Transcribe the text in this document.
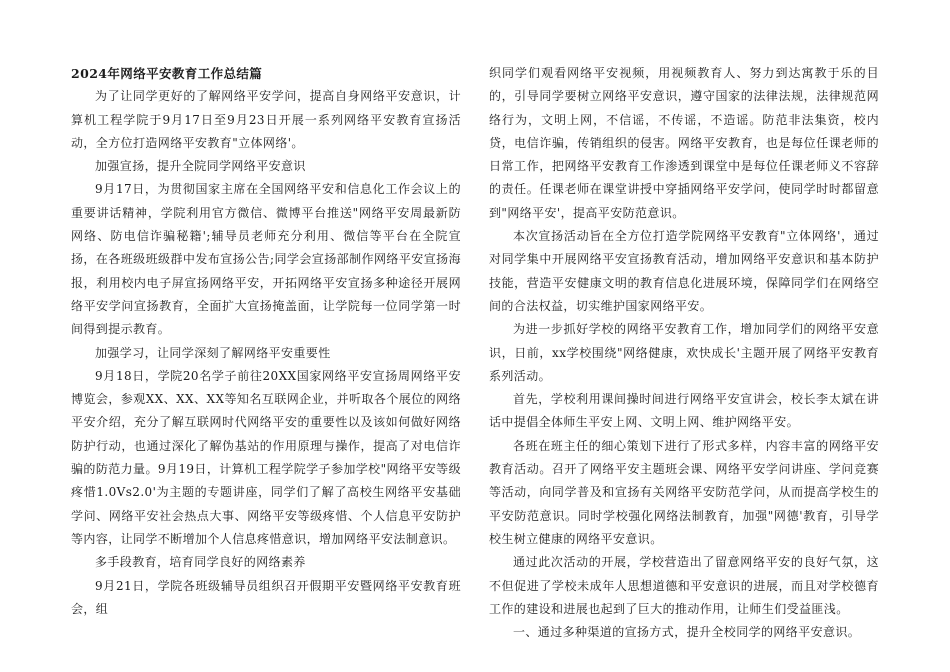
2024年网络平安教育工作总结篇

为了让同学更好的了解网络平安学问，提高自身网络平安意识，计算机工程学院于9月17日至9月23日开展一系列网络平安教育宣扬活动，全方位打造网络平安教育"立体网络'。

加强宣扬，提升全院同学网络平安意识

9月17日，为贯彻国家主席在全国网络平安和信息化工作会议上的重要讲话精神，学院利用官方微信、微博平台推送"网络平安周最新防网络、防电信诈骗秘籍';辅导员老师充分利用、微信等平台在全院宣扬，在各班级班级群中发布宣扬公告;同学会宣扬部制作网络平安宣扬海报，利用校内电子屏宣扬网络平安，开拓网络平安宣扬多种途径开展网络平安学问宣扬教育，全面扩大宣扬掩盖面，让学院每一位同学第一时间得到提示教育。

加强学习，让同学深刻了解网络平安重要性

9月18日，学院20名学子前往20XX国家网络平安宣扬周网络平安博览会，参观XX、XX、XX等知名互联网企业，并听取各个展位的网络平安介绍，充分了解互联网时代网络平安的重要性以及该如何做好网络防护行动，也通过深化了解伪基站的作用原理与操作，提高了对电信诈骗的防范力量。9月19日，计算机工程学院学子参加学校"网络平安等级疼惜1.0Vs2.0'为主题的专题讲座，同学们了解了高校生网络平安基础学问、网络平安社会热点大事、网络平安等级疼惜、个人信息平安防护等内容，让同学不断增加个人信息疼惜意识，增加网络平安法制意识。

多手段教育，培育同学良好的网络素养

9月21日，学院各班级辅导员组织召开假期平安暨网络平安教育班会，组

织同学们观看网络平安视频，用视频教育人、努力到达寓教于乐的目的，引导同学要树立网络平安意识，遵守国家的法律法规，法律规范网络行为，文明上网，不信谣，不传谣，不造谣。防范非法集资，校内贷，电信诈骗，传销组织的侵害。网络平安教育，也是每位任课老师的日常工作，把网络平安教育工作渗透到课堂中是每位任课老师义不容辞的责任。任课老师在课堂讲授中穿插网络平安学问，使同学时时都留意到"网络平安'，提高平安防范意识。

本次宣扬活动旨在全方位打造学院网络平安教育"立体网络'，通过对同学集中开展网络平安宣扬教育活动，增加网络平安意识和基本防护技能，营造平安健康文明的教育信息化进展环境，保障同学们在网络空间的合法权益，切实维护国家网络平安。

为进一步抓好学校的网络平安教育工作，增加同学们的网络平安意识，日前，xx学校围绕"网络健康，欢快成长'主题开展了网络平安教育系列活动。

首先，学校利用课间操时间进行网络平安宣讲会，校长李太斌在讲话中提倡全体师生平安上网、文明上网、维护网络平安。

各班在班主任的细心策划下进行了形式多样，内容丰富的网络平安教育活动。召开了网络平安主题班会课、网络平安学问讲座、学问竞赛等活动，向同学普及和宣扬有关网络平安防范学问，从而提高学校生的平安防范意识。同时学校强化网络法制教育，加强"网德'教育，引导学校生树立健康的网络平安意识。

通过此次活动的开展，学校营造出了留意网络平安的良好气氛，这不但促进了学校未成年人思想道德和平安意识的进展，而且对学校德育工作的建设和进展也起到了巨大的推动作用，让师生们受益匪浅。

一、通过多种渠道的宣扬方式，提升全校同学的网络平安意识。
